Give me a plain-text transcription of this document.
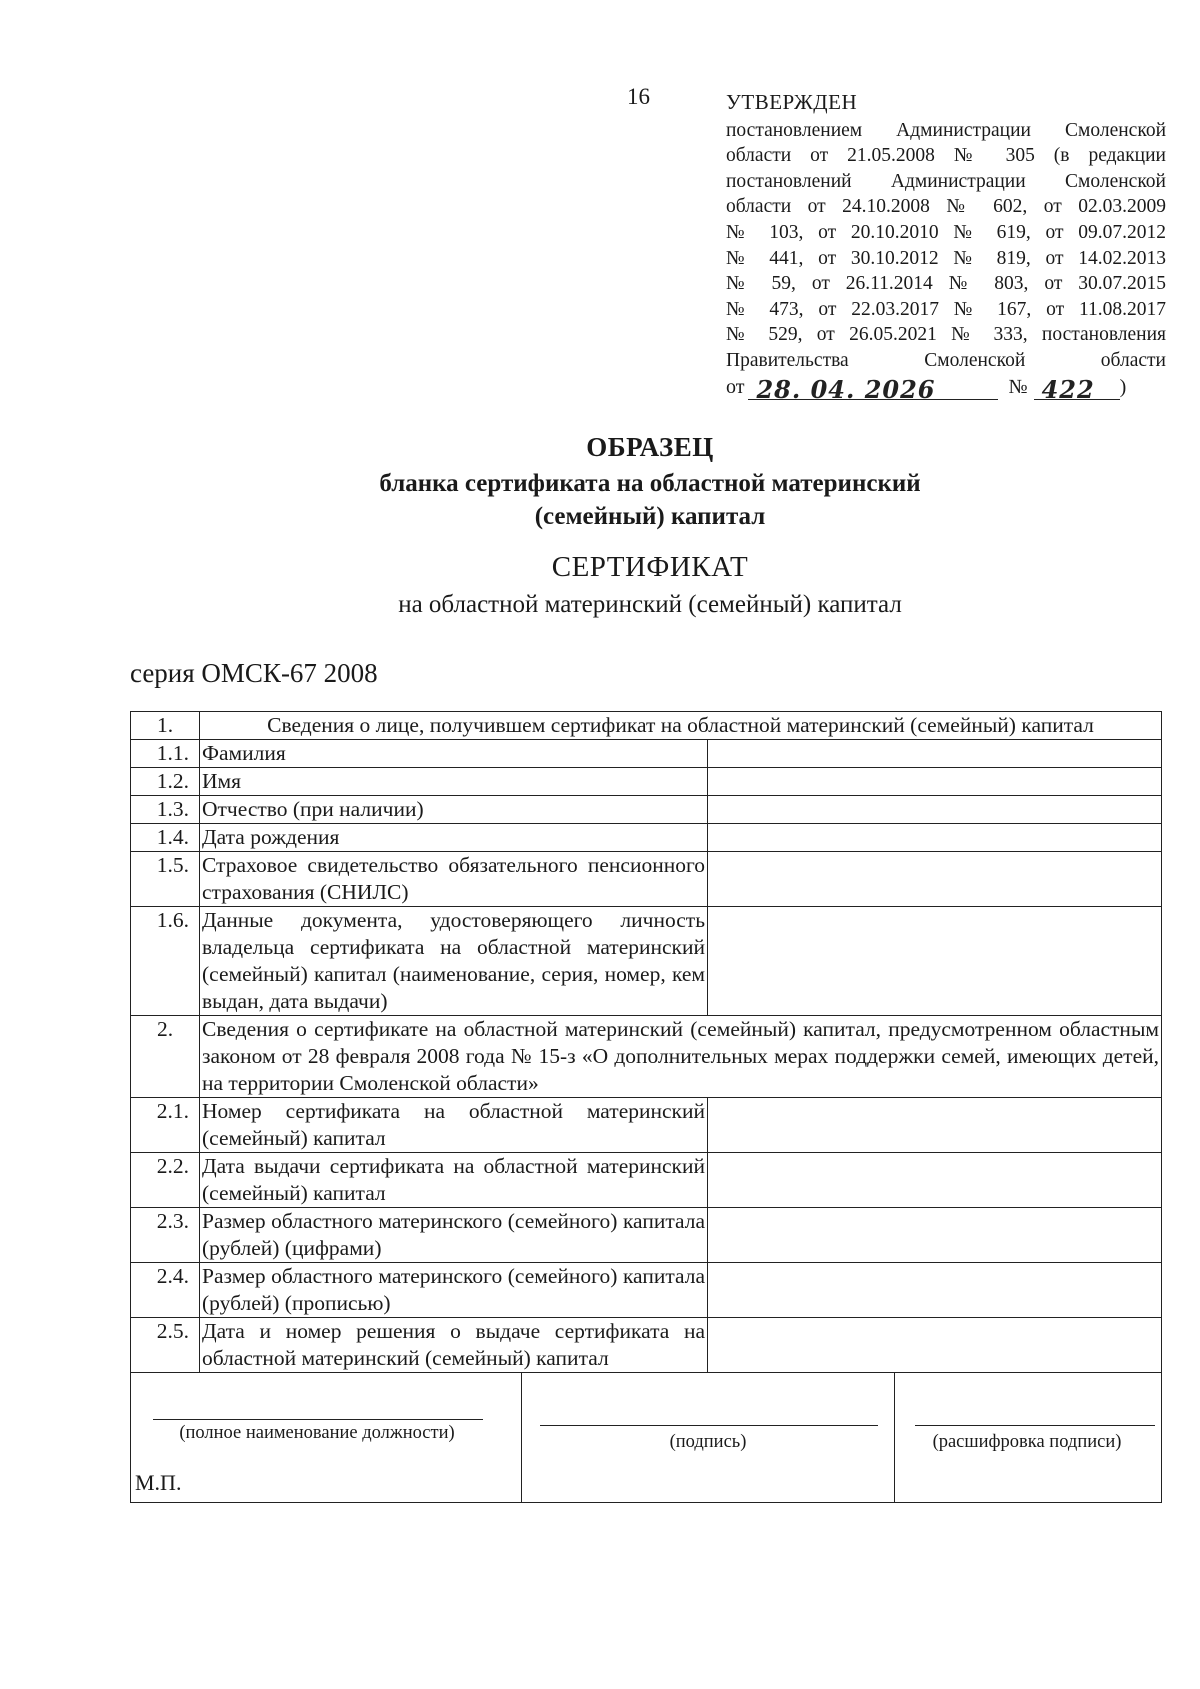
16	УТВЕРЖДЕН
постановлением Администрации Смоленской
области от 21.05.2008 № 305 (в редакции
постановлений Администрации Смоленской
области от 24.10.2008 № 602, от 02.03.2009
№ 103, от 20.10.2010 № 619, от 09.07.2012
№ 441, от 30.10.2012 № 819, от 14.02.2013
№ 59, от 26.11.2014 № 803, от 30.07.2015
№ 473, от 22.03.2017 № 167, от 11.08.2017
№ 529, от 26.05.2021 № 333, постановления
Правительства Смоленской области
от 28. 04. 2026	№ 422 )
ОБРАЗЕЦ
бланка сертификата на областной материнский
(семейный) капитал
СЕРТИФИКАТ
на областной материнский (семейный) капитал
серия ОМСК-67 2008
1.	Сведения о лице, получившем сертификат на областной материнский (семейный) капитал	
1.1.	Фамилия	
1.2.	Имя	
1.3.	Отчество (при наличии)	
1.4.	Дата рождения	
1.5.	Страховое свидетельство обязательного пенсионного страхования (СНИЛС)	
1.6.	Данные документа, удостоверяющего личность владельца сертификата на областной материнский (семейный) капитал (наименование, серия, номер, кем выдан, дата выдачи)	
2.	Сведения о сертификате на областной материнский (семейный) капитал, предусмотренном областным законом от 28 февраля 2008 года № 15-з «О дополнительных мерах поддержки семей, имеющих детей, на территории Смоленской области»	
2.1.	Номер сертификата на областной материнский (семейный) капитал	
2.2.	Дата выдачи сертификата на областной материнский (семейный) капитал	
2.3.	Размер областного материнского (семейного) капитала (рублей) (цифрами)	
2.4.	Размер областного материнского (семейного) капитала (рублей) (прописью)	
2.5.	Дата и номер решения о выдаче сертификата на областной материнский (семейный) капитал	
(полное наименование должности)
М.П.
(подпись)	(расшифровка подписи)
